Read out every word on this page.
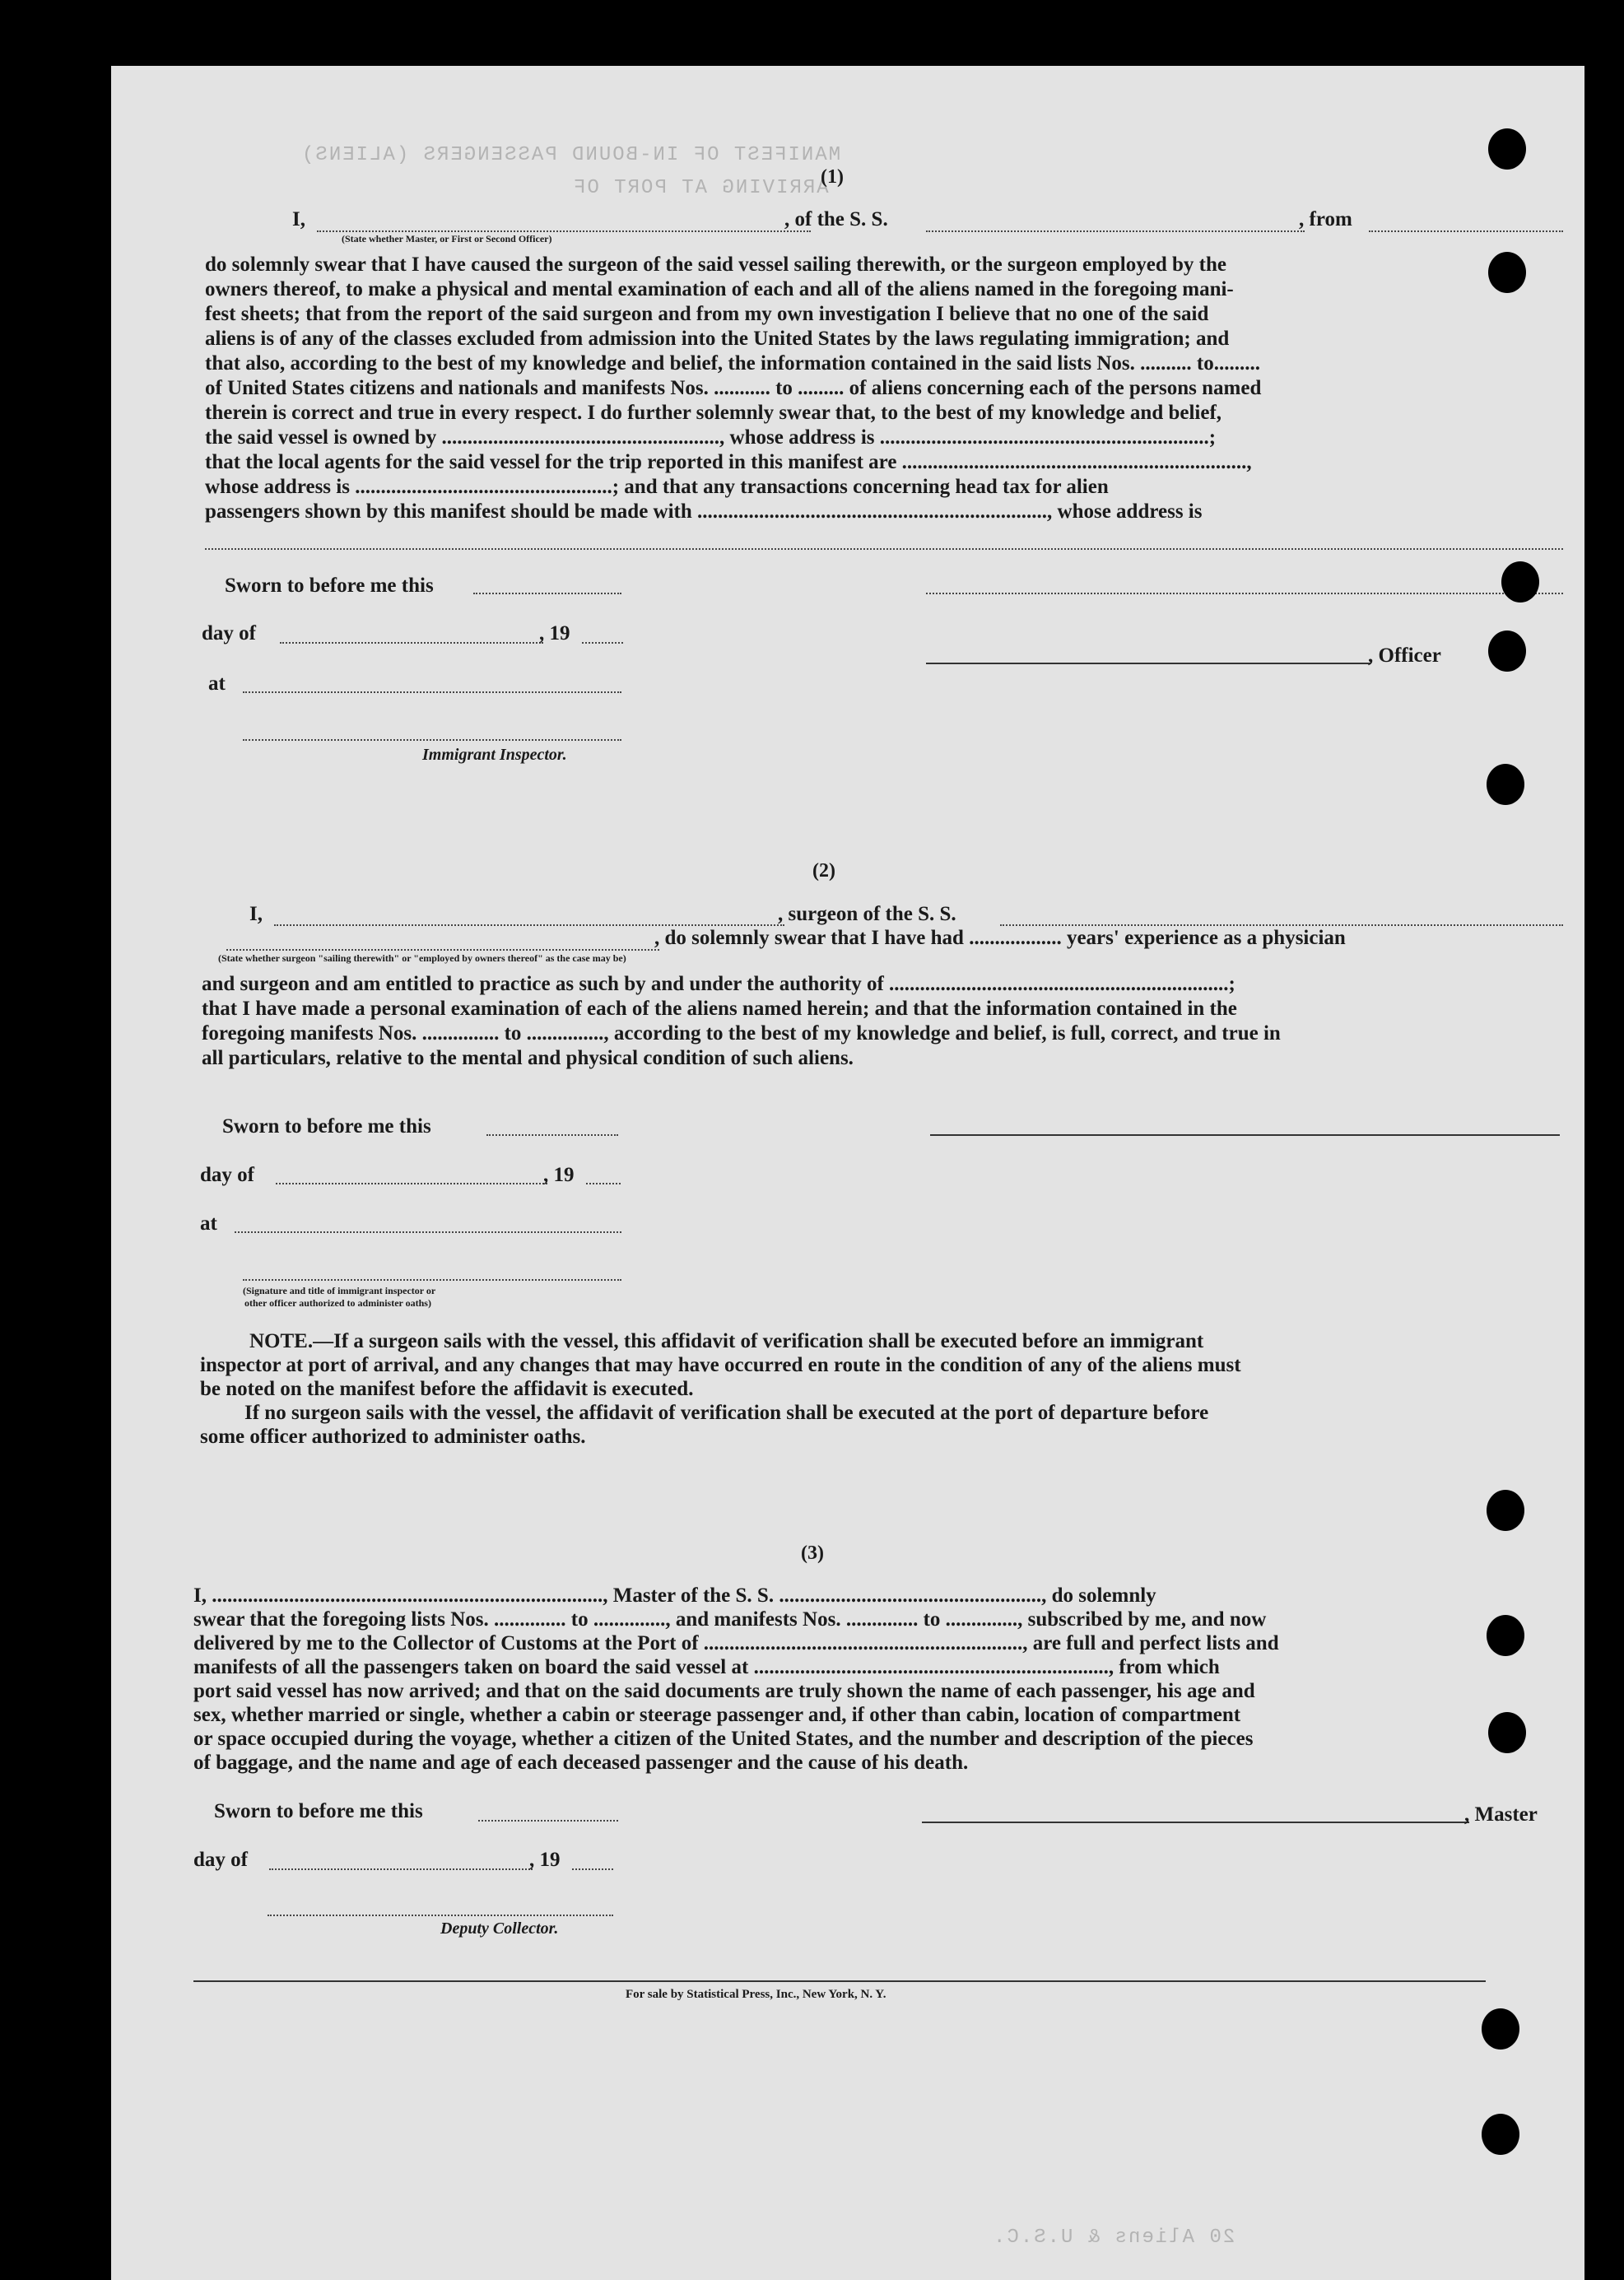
MANIFEST OF IN-BOUND PASSENGERS (ALIENS)
ARRIVING AT PORT OF
20 Aliens & U.S.C.
(1)
I,
(State whether Master, or First or Second Officer)
, of the S. S.	, from
do solemnly swear that I have caused the surgeon of the said vessel sailing therewith, or the surgeon employed by the
owners thereof, to make a physical and mental examination of each and all of the aliens named in the foregoing mani-
fest sheets; that from the report of the said surgeon and from my own investigation I believe that no one of the said
aliens is of any of the classes excluded from admission into the United States by the laws regulating immigration; and
that also, according to the best of my knowledge and belief, the information contained in the said lists Nos. .......... to.........
of United States citizens and nationals and manifests Nos. ........... to ......... of aliens concerning each of the persons named
therein is correct and true in every respect. I do further solemnly swear that, to the best of my knowledge and belief,
the said vessel is owned by ......................................................, whose address is ................................................................;
that the local agents for the said vessel for the trip reported in this manifest are ...................................................................,
whose address is ..................................................; and that any transactions concerning head tax for alien
passengers shown by this manifest should be made with ...................................................................., whose address is
Sworn to before me this
day of	, 19
, Officer
at
Immigrant Inspector.
(2)
I,	, surgeon of the S. S.
, do solemnly swear that I have had .................. years' experience as a physician
(State whether surgeon "sailing therewith" or "employed by owners thereof" as the case may be)
and surgeon and am entitled to practice as such by and under the authority of ..................................................................;
that I have made a personal examination of each of the aliens named herein; and that the information contained in the
foregoing manifests Nos. ............... to ..............., according to the best of my knowledge and belief, is full, correct, and true in
all particulars, relative to the mental and physical condition of such aliens.
Sworn to before me this
day of	, 19
at
(Signature and title of immigrant inspector or
other officer authorized to administer oaths)
NOTE.—If a surgeon sails with the vessel, this affidavit of verification shall be executed before an immigrant
inspector at port of arrival, and any changes that may have occurred en route in the condition of any of the aliens must
be noted on the manifest before the affidavit is executed.
If no surgeon sails with the vessel, the affidavit of verification shall be executed at the port of departure before
some officer authorized to administer oaths.
(3)
I, ............................................................................, Master of the S. S. ..................................................., do solemnly
swear that the foregoing lists Nos. .............. to .............., and manifests Nos. .............. to .............., subscribed by me, and now
delivered by me to the Collector of Customs at the Port of .............................................................., are full and perfect lists and
manifests of all the passengers taken on board the said vessel at ....................................................................., from which
port said vessel has now arrived; and that on the said documents are truly shown the name of each passenger, his age and
sex, whether married or single, whether a cabin or steerage passenger and, if other than cabin, location of compartment
or space occupied during the voyage, whether a citizen of the United States, and the number and description of the pieces
of baggage, and the name and age of each deceased passenger and the cause of his death.
Sworn to before me this	, Master
day of	, 19
Deputy Collector.
For sale by Statistical Press, Inc., New York, N. Y.
